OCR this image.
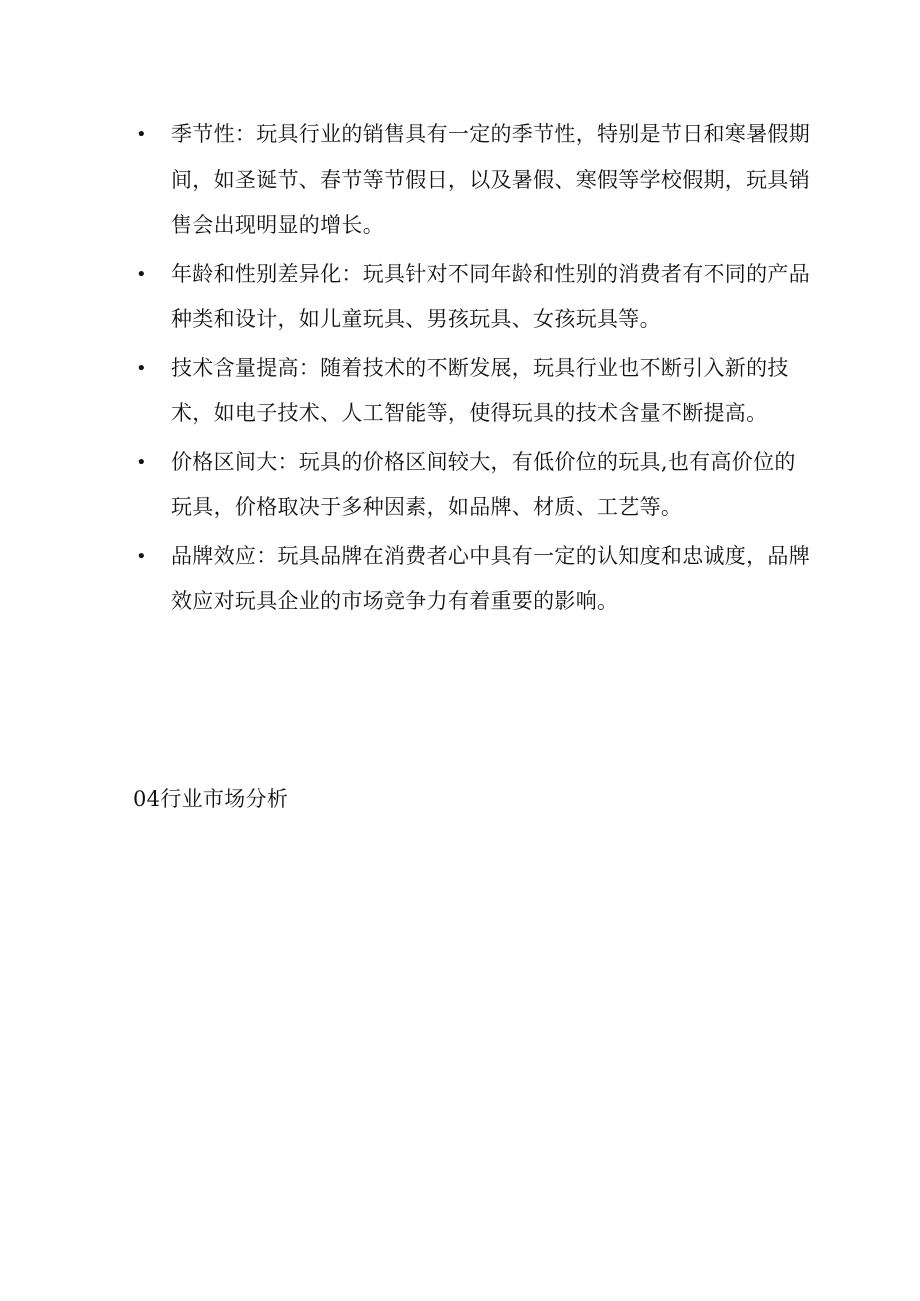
• 季节性：玩具行业的销售具有一定的季节性，特别是节日和寒暑假期间，如圣诞节、春节等节假日，以及暑假、寒假等学校假期，玩具销售会出现明显的增长。
• 年龄和性别差异化：玩具针对不同年龄和性别的消费者有不同的产品种类和设计，如儿童玩具、男孩玩具、女孩玩具等。
• 技术含量提高：随着技术的不断发展，玩具行业也不断引入新的技术，如电子技术、人工智能等，使得玩具的技术含量不断提高。
• 价格区间大：玩具的价格区间较大，有低价位的玩具,也有高价位的玩具，价格取决于多种因素，如品牌、材质、工艺等。
• 品牌效应：玩具品牌在消费者心中具有一定的认知度和忠诚度，品牌效应对玩具企业的市场竞争力有着重要的影响。
04行业市场分析
